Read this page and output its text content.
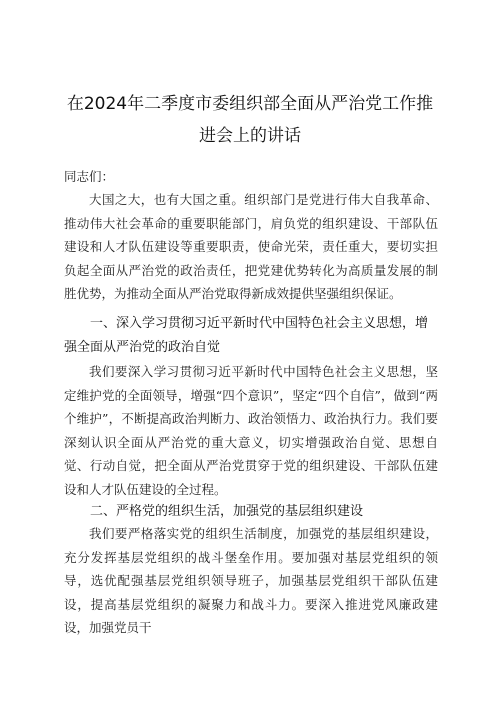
在2024年二季度市委组织部全面从严治党工作推进会上的讲话
同志们：

大国之大，也有大国之重。组织部门是党进行伟大自我革命、推动伟大社会革命的重要职能部门，肩负党的组织建设、干部队伍建设和人才队伍建设等重要职责，使命光荣，责任重大，要切实担负起全面从严治党的政治责任，把党建优势转化为高质量发展的制胜优势，为推动全面从严治党取得新成效提供坚强组织保证。

一、深入学习贯彻习近平新时代中国特色社会主义思想，增强全面从严治党的政治自觉

我们要深入学习贯彻习近平新时代中国特色社会主义思想，坚定维护党的全面领导，增强“四个意识”，坚定“四个自信”，做到“两个维护”，不断提高政治判断力、政治领悟力、政治执行力。我们要深刻认识全面从严治党的重大意义，切实增强政治自觉、思想自觉、行动自觉，把全面从严治党贯穿于党的组织建设、干部队伍建设和人才队伍建设的全过程。

二、严格党的组织生活，加强党的基层组织建设

我们要严格落实党的组织生活制度，加强党的基层组织建设，充分发挥基层党组织的战斗堡垒作用。要加强对基层党组织的领导，选优配强基层党组织领导班子，加强基层党组织干部队伍建设，提高基层党组织的凝聚力和战斗力。要深入推进党风廉政建设，加强党员干
